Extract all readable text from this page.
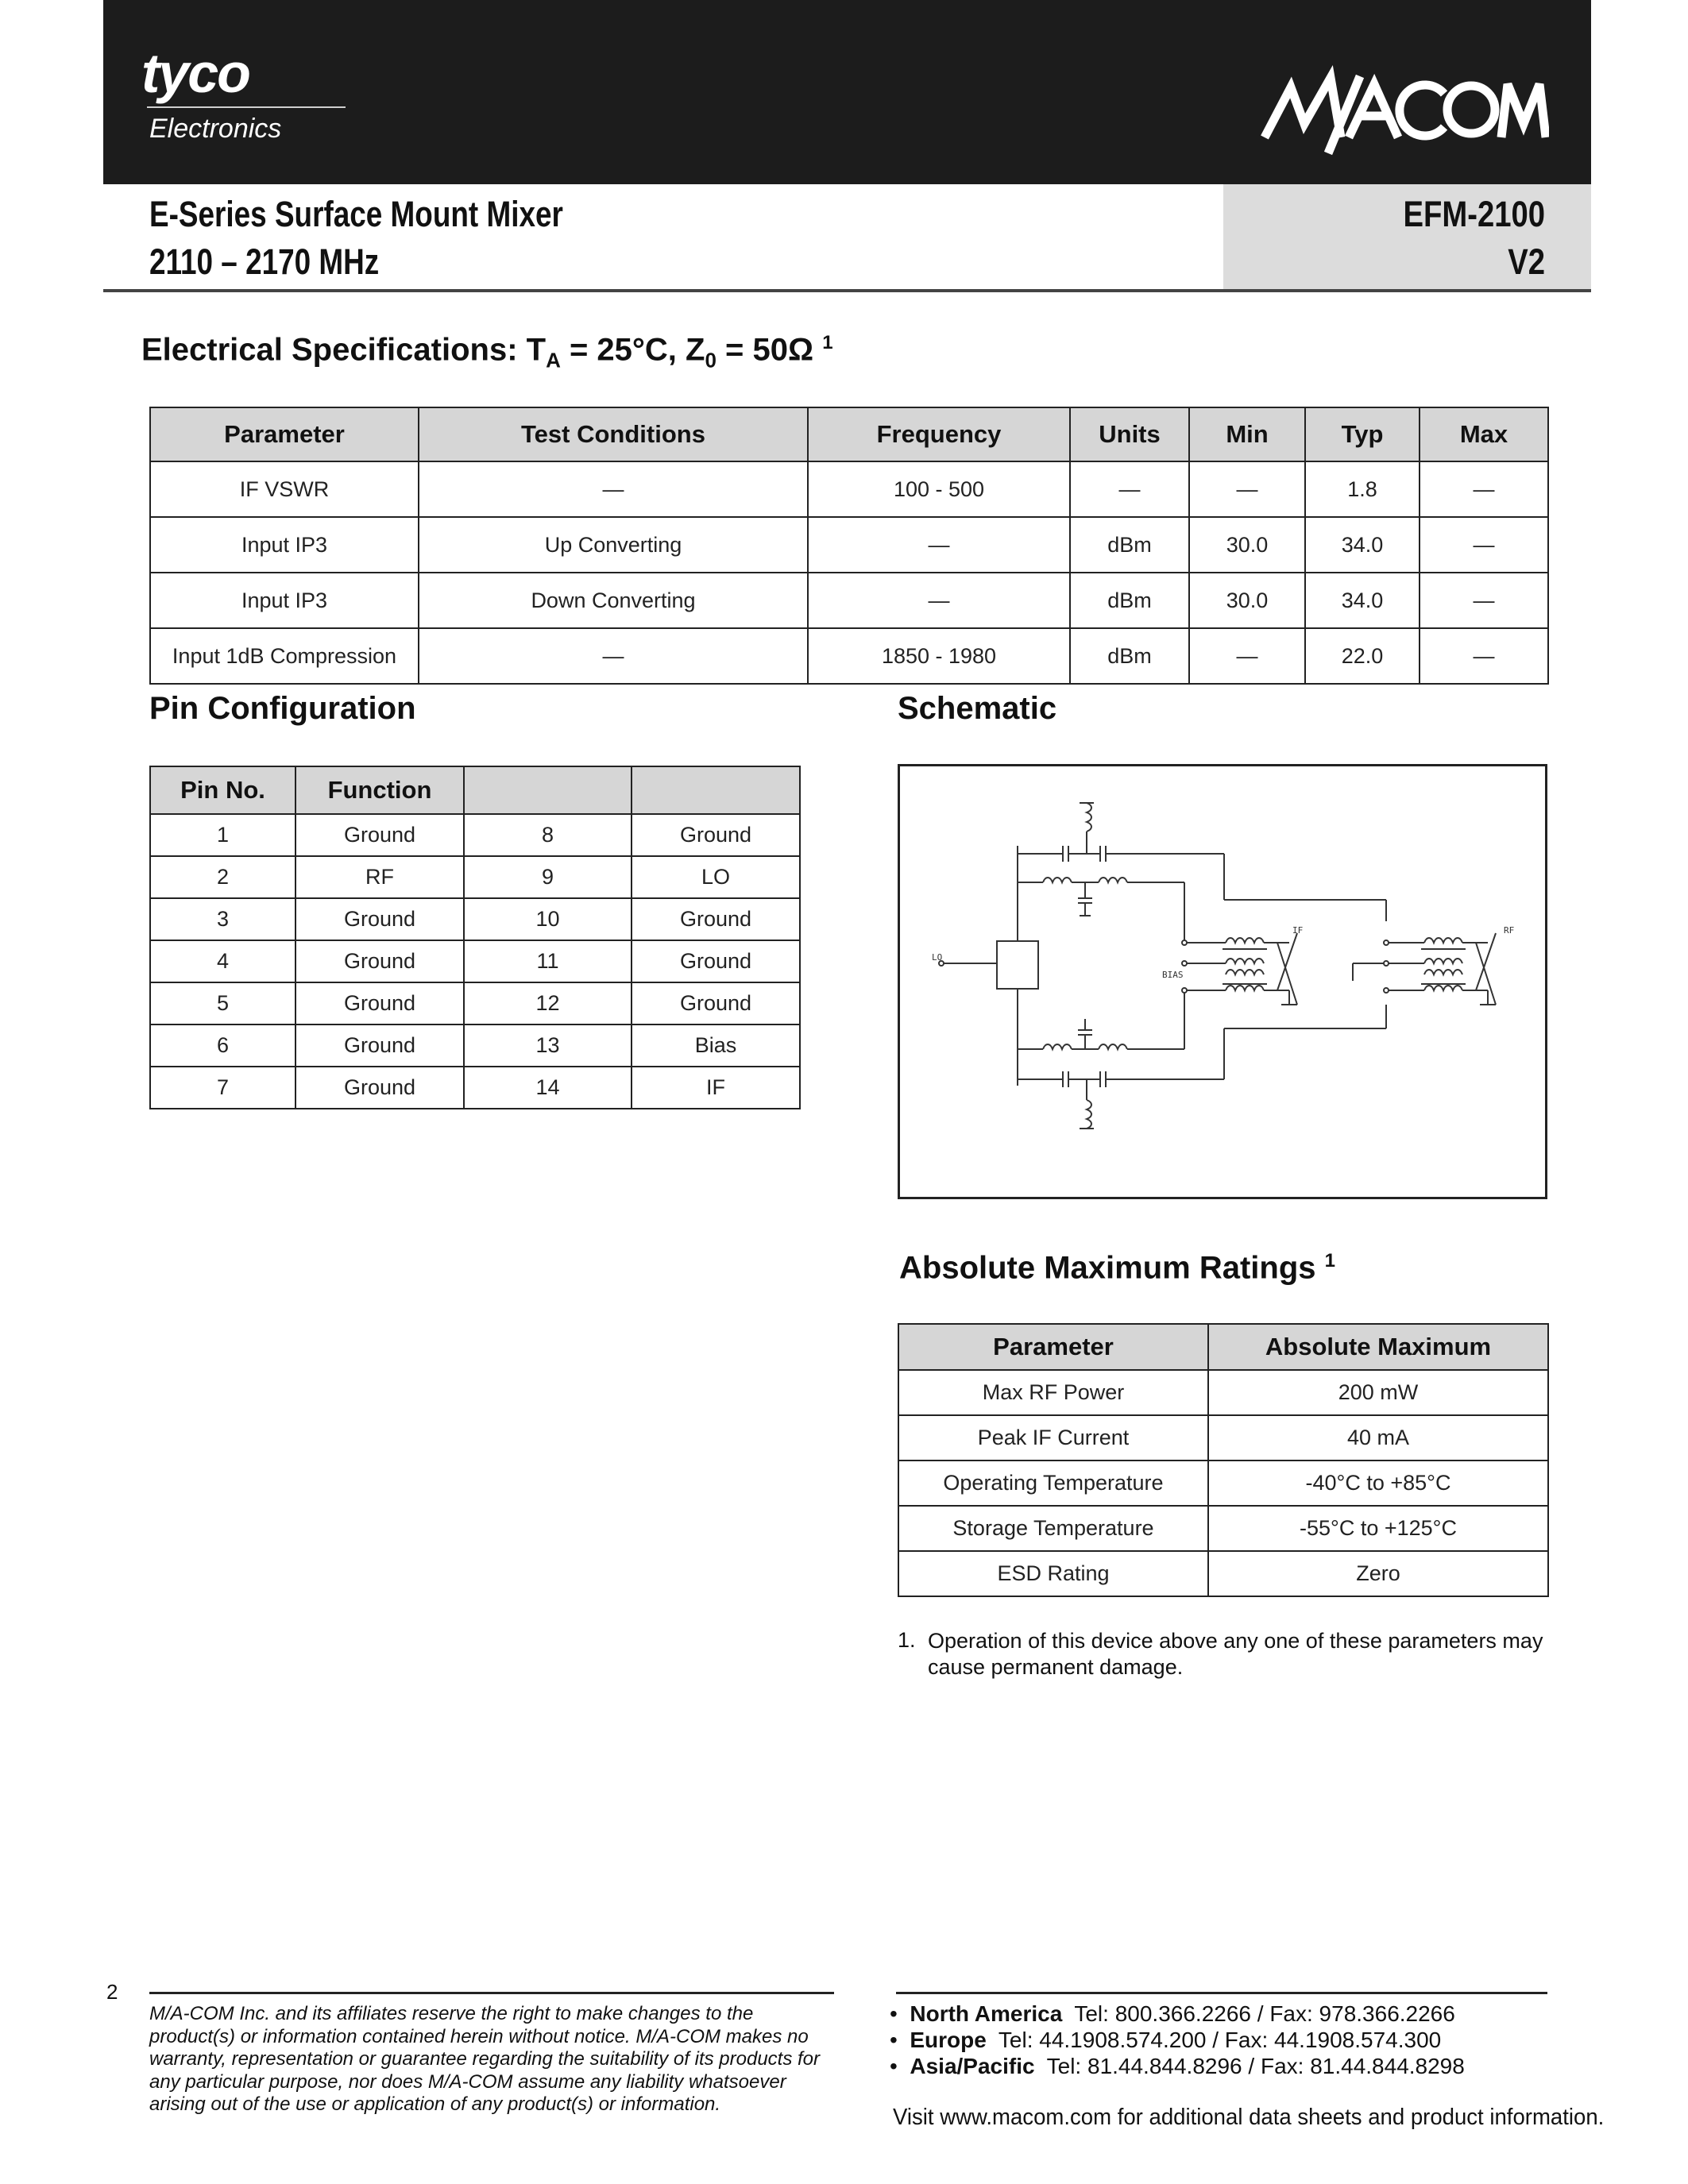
tyco
Electronics
E-Series Surface Mount Mixer
2110 – 2170 MHz
EFM-2100
V2
Electrical Specifications: $T_A = 25^\circ C$, $Z_0 = 50\Omega$ $^1$
Parameter	Test Conditions	Frequency	Units	Min	Typ	Max
IF VSWR	—	100 - 500	—	—	1.8	—
Input IP3	Up Converting	—	dBm	30.0	34.0	—
Input IP3	Down Converting	—	dBm	30.0	34.0	—
Input 1dB Compression	—	1850 - 1980	dBm	—	22.0	—
Pin Configuration
Pin No.	Function		
1	Ground	8	Ground
2	RF	9	LO
3	Ground	10	Ground
4	Ground	11	Ground
5	Ground	12	Ground
6	Ground	13	Bias
7	Ground	14	IF
Schematic
LO
IF	RF
BIAS
Absolute Maximum Ratings $^1$
Parameter	Absolute Maximum
Max RF Power	200 mW
Peak IF Current	40 mA
Operating Temperature	-40°C to +85°C
Storage Temperature	-55°C to +125°C
ESD Rating	Zero
1. Operation of this device above any one of these parameters may cause permanent damage.
2
M/A-COM Inc. and its affiliates reserve the right to make changes to the product(s) or information contained herein without notice. M/A-COM makes no warranty, representation or guarantee regarding the suitability of its products for any particular purpose, nor does M/A-COM assume any liability whatsoever arising out of the use or application of any product(s) or information.
• North America Tel: 800.366.2266 / Fax: 978.366.2266
• Europe Tel: 44.1908.574.200 / Fax: 44.1908.574.300
• Asia/Pacific Tel: 81.44.844.8296 / Fax: 81.44.844.8298
Visit www.macom.com for additional data sheets and product information.
